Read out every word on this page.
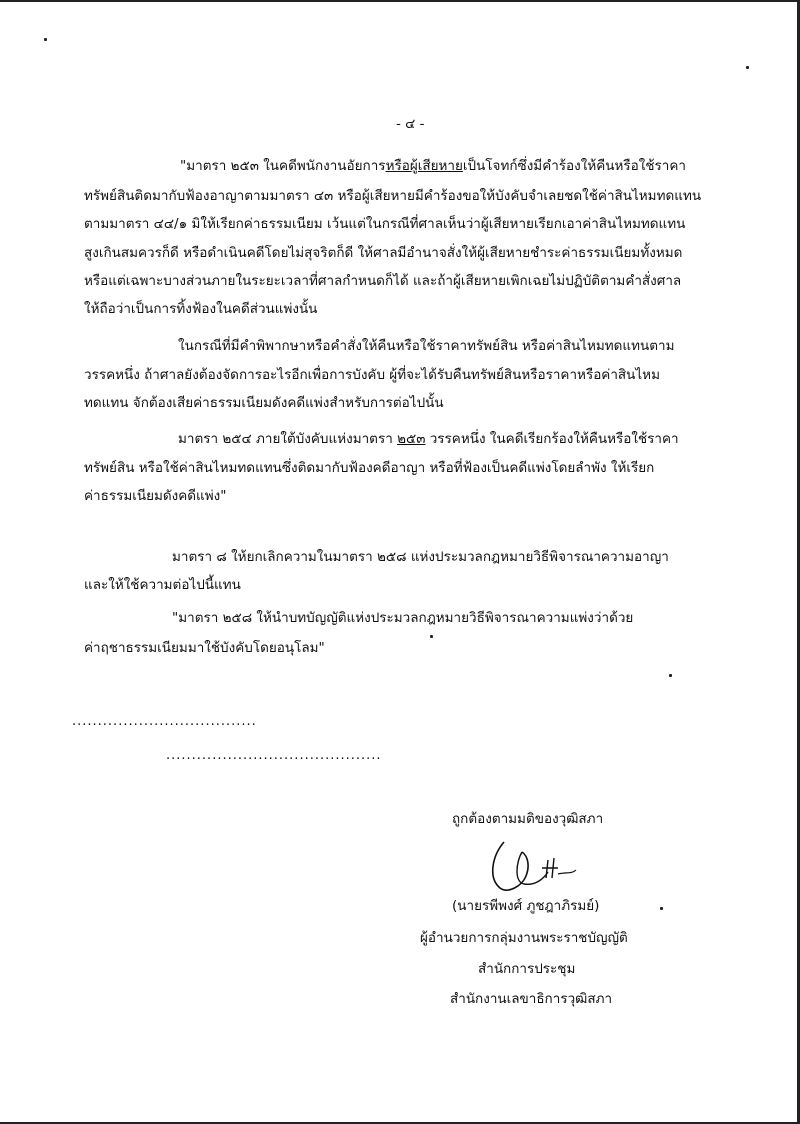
- ๔ -
"มาตรา ๒๕๓ ในคดีพนักงานอัยการหรือผู้เสียหายเป็นโจทก์ซึ่งมีคำร้องให้คืนหรือใช้ราคา
ทรัพย์สินติดมากับฟ้องอาญาตามมาตรา ๔๓ หรือผู้เสียหายมีคำร้องขอให้บังคับจำเลยชดใช้ค่าสินไหมทดแทน
ตามมาตรา ๔๔/๑ มิให้เรียกค่าธรรมเนียม เว้นแต่ในกรณีที่ศาลเห็นว่าผู้เสียหายเรียกเอาค่าสินไหมทดแทน
สูงเกินสมควรก็ดี หรือดำเนินคดีโดยไม่สุจริตก็ดี ให้ศาลมีอำนาจสั่งให้ผู้เสียหายชำระค่าธรรมเนียมทั้งหมด
หรือแต่เฉพาะบางส่วนภายในระยะเวลาที่ศาลกำหนดก็ได้ และถ้าผู้เสียหายเพิกเฉยไม่ปฏิบัติตามคำสั่งศาล
ให้ถือว่าเป็นการทิ้งฟ้องในคดีส่วนแพ่งนั้น
ในกรณีที่มีคำพิพากษาหรือคำสั่งให้คืนหรือใช้ราคาทรัพย์สิน หรือค่าสินไหมทดแทนตาม
วรรคหนึ่ง ถ้าศาลยังต้องจัดการอะไรอีกเพื่อการบังคับ ผู้ที่จะได้รับคืนทรัพย์สินหรือราคาหรือค่าสินไหม
ทดแทน จักต้องเสียค่าธรรมเนียมดังคดีแพ่งสำหรับการต่อไปนั้น
มาตรา ๒๕๔ ภายใต้บังคับแห่งมาตรา ๒๕๓ วรรคหนึ่ง ในคดีเรียกร้องให้คืนหรือใช้ราคา
ทรัพย์สิน หรือใช้ค่าสินไหมทดแทนซึ่งติดมากับฟ้องคดีอาญา หรือที่ฟ้องเป็นคดีแพ่งโดยลำพัง ให้เรียก
ค่าธรรมเนียมดังคดีแพ่ง"
มาตรา ๘ ให้ยกเลิกความในมาตรา ๒๕๘ แห่งประมวลกฎหมายวิธีพิจารณาความอาญา
และให้ใช้ความต่อไปนี้แทน
"มาตรา ๒๕๘ ให้นำบทบัญญัติแห่งประมวลกฎหมายวิธีพิจารณาความแพ่งว่าด้วย
ค่าฤชาธรรมเนียมมาใช้บังคับโดยอนุโลม"
....................................
..........................................
ถูกต้องตามมติของวุฒิสภา
(นายรพีพงศ์ ภูชฎาภิรมย์)
ผู้อำนวยการกลุ่มงานพระราชบัญญัติ
สำนักการประชุม
สำนักงานเลขาธิการวุฒิสภา
